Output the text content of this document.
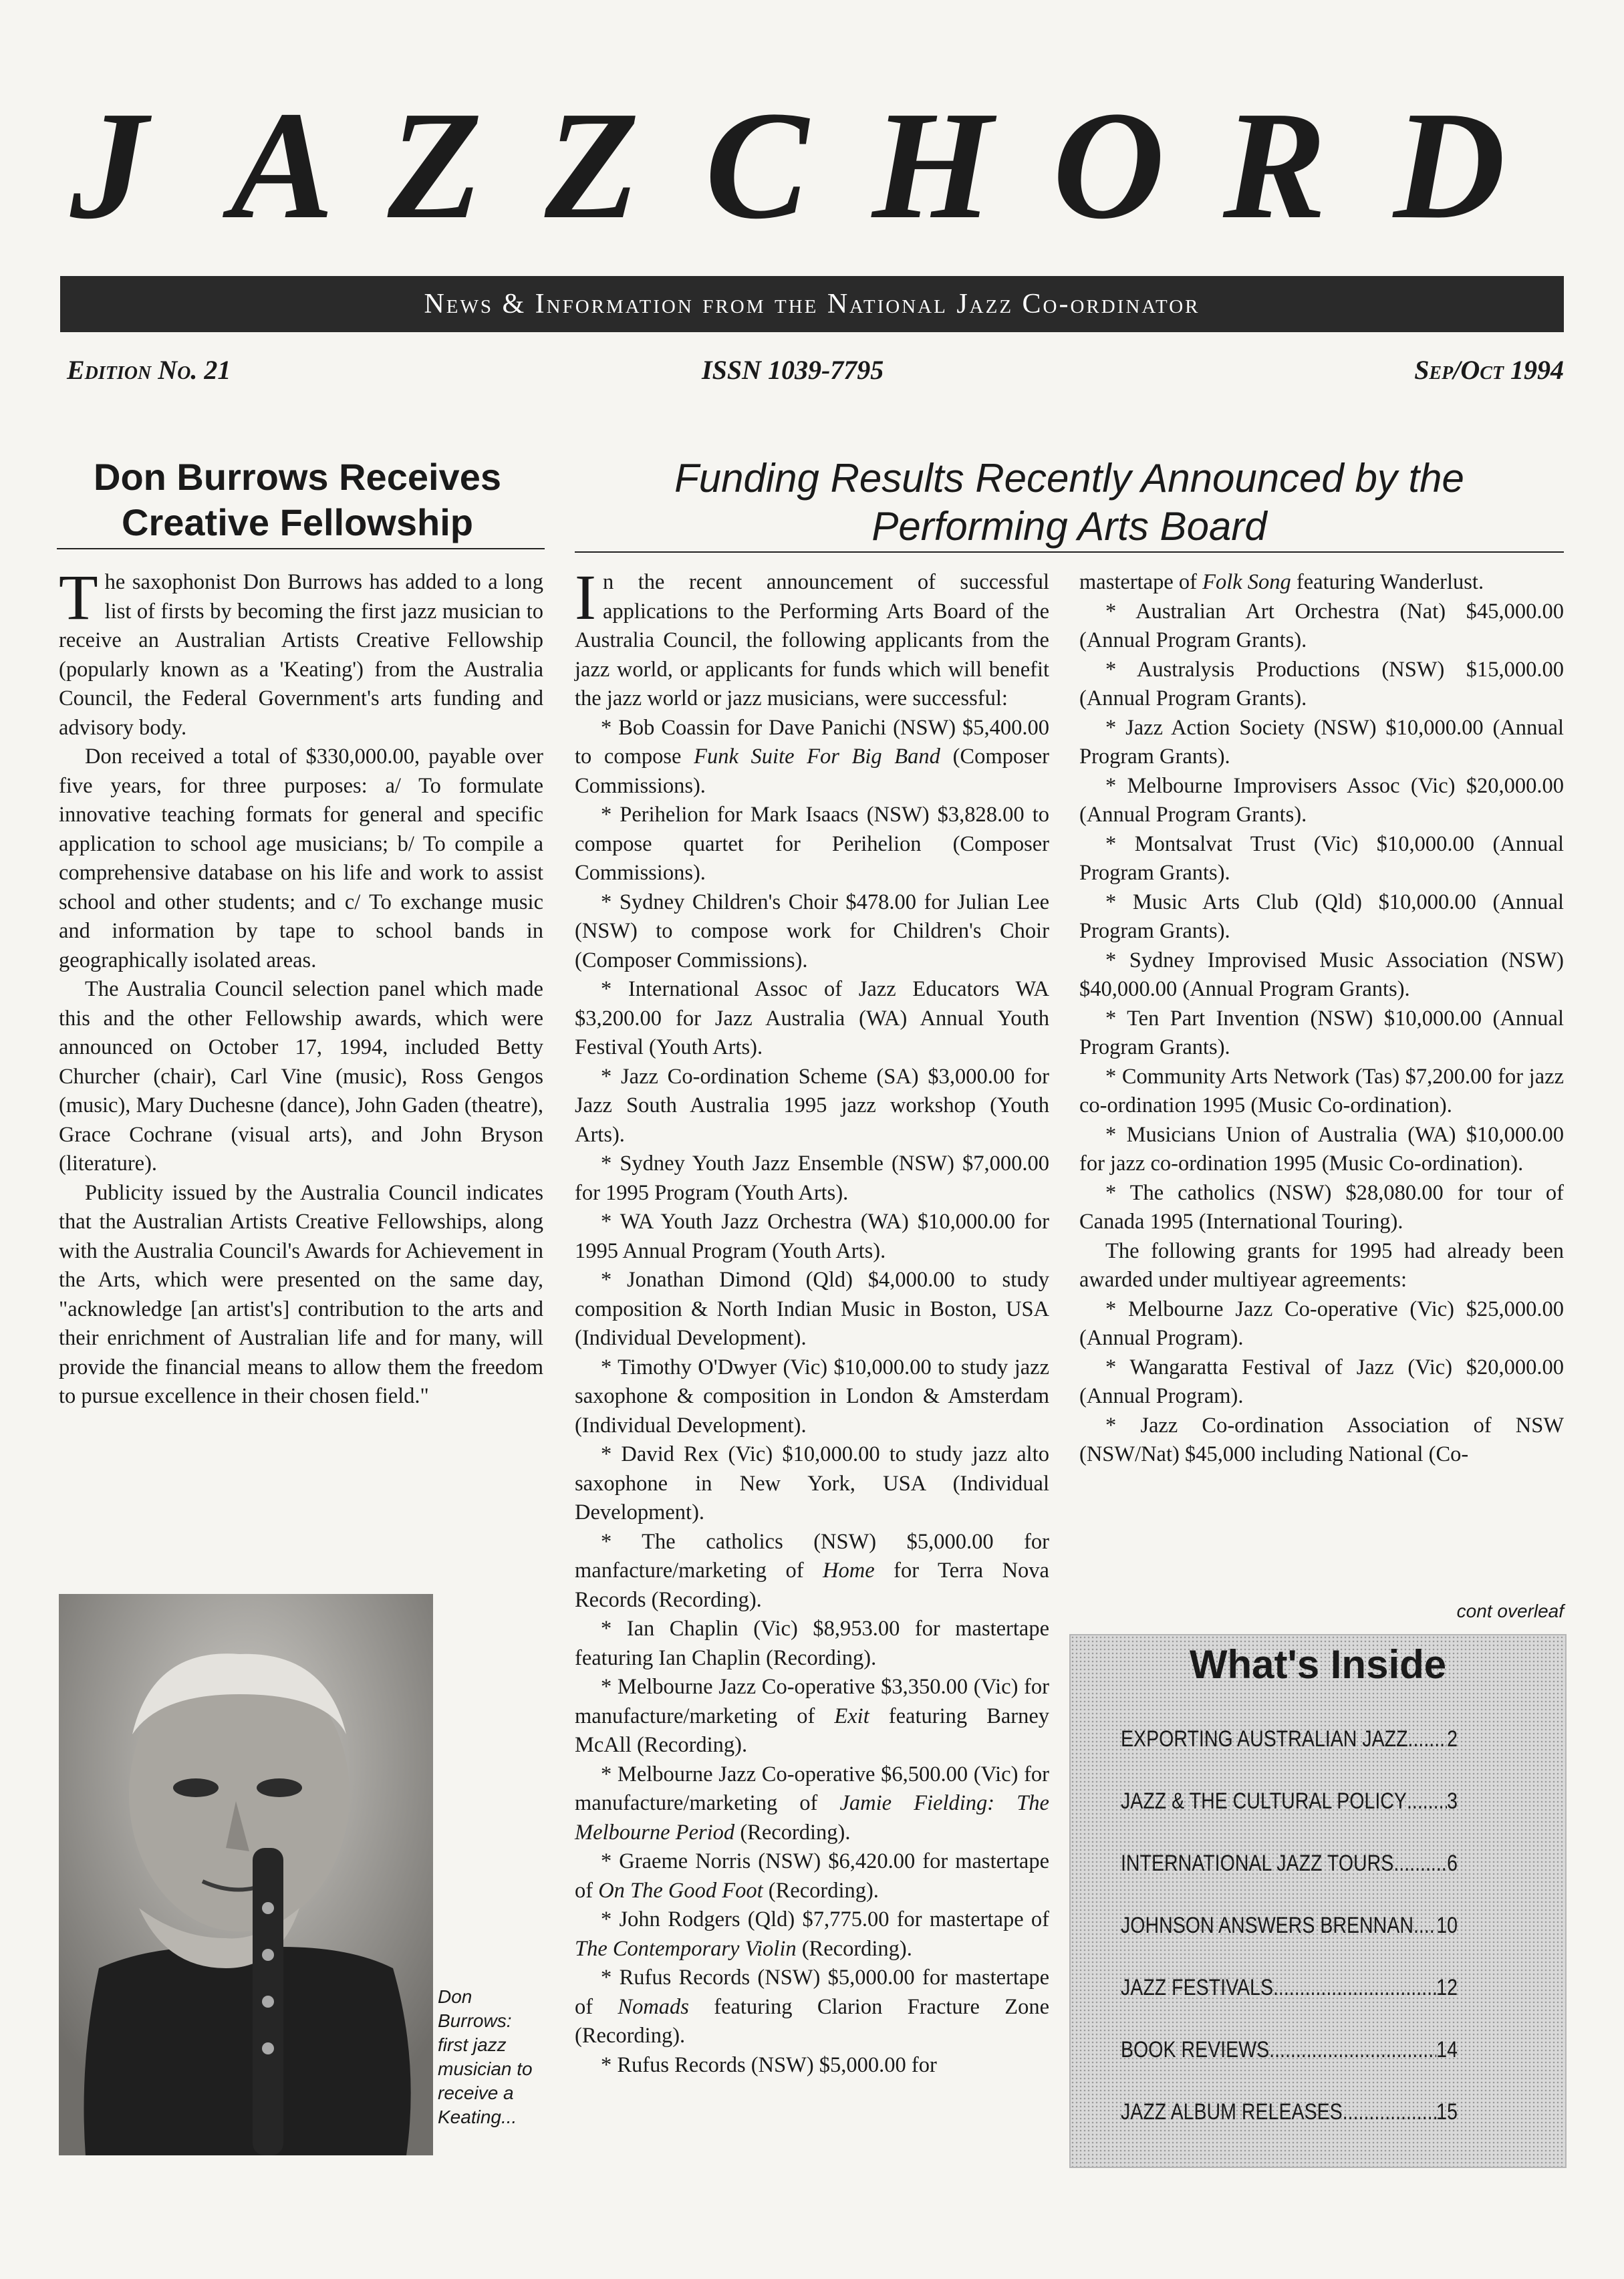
J A Z Z C H O R D
News & Information from the National Jazz Co-ordinator
Edition No. 21	ISSN 1039-7795	Sep/Oct 1994
Don Burrows Receives
Creative Fellowship

The saxophonist Don Burrows has added to a long list of firsts by becoming the first jazz musician to receive an Australian Artists Creative Fellowship (popularly known as a 'Keating') from the Australia Council, the Federal Government's arts funding and advisory body.

Don received a total of $330,000.00, payable over five years, for three purposes: a/ To formulate innovative teaching formats for general and specific application to school age musicians; b/ To compile a comprehensive database on his life and work to assist school and other students; and c/ To exchange music and information by tape to school bands in geographically isolated areas.

The Australia Council selection panel which made this and the other Fellowship awards, which were announced on October 17, 1994, included Betty Churcher (chair), Carl Vine (music), Ross Gengos (music), Mary Duchesne (dance), John Gaden (theatre), Grace Cochrane (visual arts), and John Bryson (literature).

Publicity issued by the Australia Council indicates that the Australian Artists Creative Fellowships, along with the Australia Council's Awards for Achievement in the Arts, which were presented on the same day, "acknowledge [an artist's] contribution to the arts and their enrichment of Australian life and for many, will provide the financial means to allow them the freedom to pursue excellence in their chosen field."

Don Burrows: first jazz musician to receive a Keating...
Funding Results Recently Announced by the
Performing Arts Board

In the recent announcement of successful applications to the Performing Arts Board of the Australia Council, the following applicants from the jazz world, or applicants for funds which will benefit the jazz world or jazz musicians, were successful:

* Bob Coassin for Dave Panichi (NSW) $5,400.00 to compose Funk Suite For Big Band (Composer Commissions).

* Perihelion for Mark Isaacs (NSW) $3,828.00 to compose quartet for Perihelion (Composer Commissions).

* Sydney Children's Choir $478.00 for Julian Lee (NSW) to compose work for Children's Choir (Composer Commissions).

* International Assoc of Jazz Educators WA $3,200.00 for Jazz Australia (WA) Annual Youth Festival (Youth Arts).

* Jazz Co-ordination Scheme (SA) $3,000.00 for Jazz South Australia 1995 jazz workshop (Youth Arts).

* Sydney Youth Jazz Ensemble (NSW) $7,000.00 for 1995 Program (Youth Arts).

* WA Youth Jazz Orchestra (WA) $10,000.00 for 1995 Annual Program (Youth Arts).

* Jonathan Dimond (Qld) $4,000.00 to study composition & North Indian Music in Boston, USA (Individual Development).

* Timothy O'Dwyer (Vic) $10,000.00 to study jazz saxophone & composition in London & Amsterdam (Individual Development).

* David Rex (Vic) $10,000.00 to study jazz alto saxophone in New York, USA (Individual Development).

* The catholics (NSW) $5,000.00 for manfacture/marketing of Home for Terra Nova Records (Recording).

* Ian Chaplin (Vic) $8,953.00 for mastertape featuring Ian Chaplin (Recording).

* Melbourne Jazz Co-operative $3,350.00 (Vic) for manufacture/marketing of Exit featuring Barney McAll (Recording).

* Melbourne Jazz Co-operative $6,500.00 (Vic) for manufacture/marketing of Jamie Fielding: The Melbourne Period (Recording).

* Graeme Norris (NSW) $6,420.00 for mastertape of On The Good Foot (Recording).

* John Rodgers (Qld) $7,775.00 for mastertape of The Contemporary Violin (Recording).

* Rufus Records (NSW) $5,000.00 for mastertape of Nomads featuring Clarion Fracture Zone (Recording).

* Rufus Records (NSW) $5,000.00 for

mastertape of Folk Song featuring Wanderlust.

* Australian Art Orchestra (Nat) $45,000.00 (Annual Program Grants).

* Australysis Productions (NSW) $15,000.00 (Annual Program Grants).

* Jazz Action Society (NSW) $10,000.00 (Annual Program Grants).

* Melbourne Improvisers Assoc (Vic) $20,000.00 (Annual Program Grants).

* Montsalvat Trust (Vic) $10,000.00 (Annual Program Grants).

* Music Arts Club (Qld) $10,000.00 (Annual Program Grants).

* Sydney Improvised Music Association (NSW) $40,000.00 (Annual Program Grants).

* Ten Part Invention (NSW) $10,000.00 (Annual Program Grants).

* Community Arts Network (Tas) $7,200.00 for jazz co-ordination 1995 (Music Co-ordination).

* Musicians Union of Australia (WA) $10,000.00 for jazz co-ordination 1995 (Music Co-ordination).

* The catholics (NSW) $28,080.00 for tour of Canada 1995 (International Touring).

The following grants for 1995 had already been awarded under multiyear agreements:

* Melbourne Jazz Co-operative (Vic) $25,000.00 (Annual Program).

* Wangaratta Festival of Jazz (Vic) $20,000.00 (Annual Program).

* Jazz Co-ordination Association of NSW (NSW/Nat) $45,000 including National (Co-

cont overleaf
What's Inside
EXPORTING AUSTRALIAN JAZZ ..... 2
JAZZ & THE CULTURAL POLICY ..... 3
INTERNATIONAL JAZZ TOURS ..... 6
JOHNSON ANSWERS BRENNAN ..... 10
JAZZ FESTIVALS .....	12
BOOK REVIEWS .....	14
JAZZ ALBUM RELEASES .....	15
